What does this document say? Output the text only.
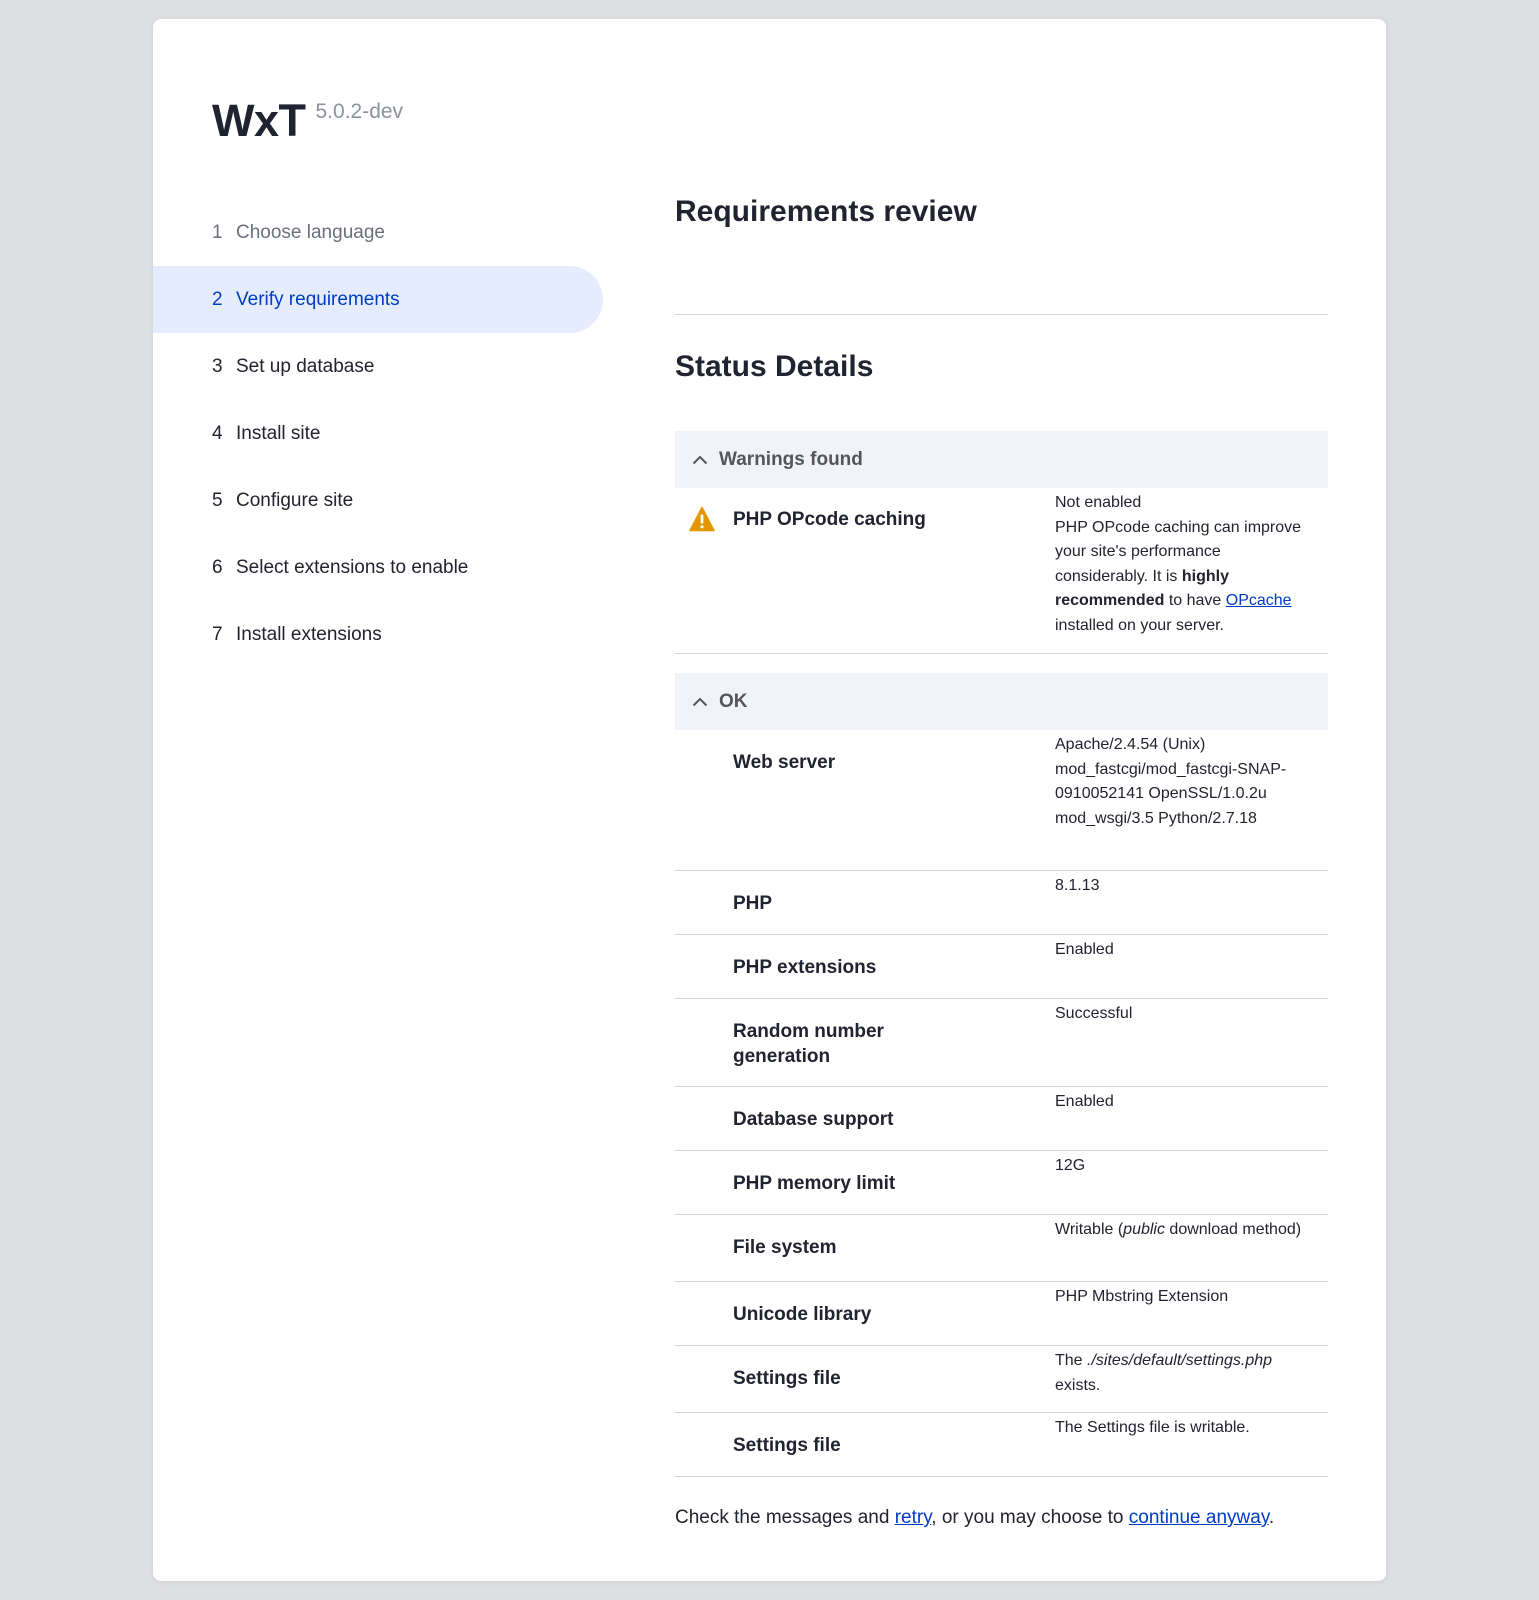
WxT 5.0.2-dev
1 Choose language
2 Verify requirements
3 Set up database
4 Install site
5 Configure site
6 Select extensions to enable
7 Install extensions
Requirements review
Status Details
Warnings found
PHP OPcode caching
Not enabled
PHP OPcode caching can improve your site's performance considerably. It is highly recommended to have OPcache installed on your server.
OK
Web server
Apache/2.4.54 (Unix) mod_fastcgi/mod_fastcgi-SNAP-0910052141 OpenSSL/1.0.2u mod_wsgi/3.5 Python/2.7.18
PHP
8.1.13
PHP extensions
Enabled
Random number generation
Successful
Database support
Enabled
PHP memory limit
12G
File system
Writable (public download method)
Unicode library
PHP Mbstring Extension
Settings file
The ./sites/default/settings.php exists.
Settings file
The Settings file is writable.
Check the messages and retry, or you may choose to continue anyway.
